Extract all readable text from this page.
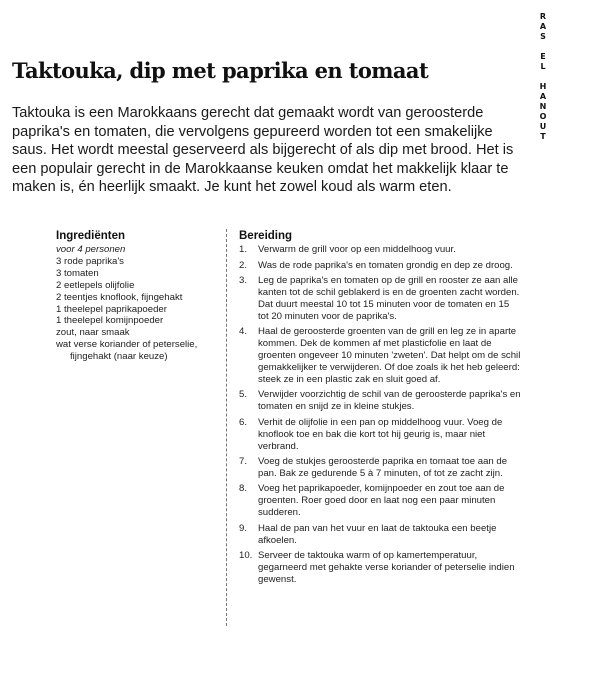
R
A
S
E
L
H
A
N
O
U
T
Taktouka, dip met paprika en tomaat

Taktouka is een Marokkaans gerecht dat gemaakt wordt van geroosterde paprika's en tomaten, die vervolgens gepureerd worden tot een smakelijke saus. Het wordt meestal geserveerd als bijgerecht of als dip met brood. Het is een populair gerecht in de Marokkaanse keuken omdat het makkelijk klaar te maken is, én heerlijk smaakt. Je kunt het zowel koud als warm eten.

Ingrediënten
voor 4 personen
3 rode paprika's
3 tomaten
2 eetlepels olijfolie
2 teentjes knoflook, fijngehakt
1 theelepel paprikapoeder
1 theelepel komijnpoeder
zout, naar smaak
wat verse koriander of peterselie,
fijngehakt (naar keuze)
Bereiding
1.	Verwarm de grill voor op een middelhoog vuur.
2.	Was de rode paprika's en tomaten grondig en dep ze droog.
3.	Leg de paprika's en tomaten op de grill en rooster ze aan alle kanten tot de schil geblakerd is en de groenten zacht worden. Dat duurt meestal 10 tot 15 minuten voor de tomaten en 15 tot 20 minuten voor de paprika's.
4.	Haal de geroosterde groenten van de grill en leg ze in aparte kommen. Dek de kommen af met plasticfolie en laat de groenten ongeveer 10 minuten 'zweten'. Dat helpt om de schil gemakkelijker te verwijderen. Of doe zoals ik het heb geleerd: steek ze in een plastic zak en sluit goed af.
5.	Verwijder voorzichtig de schil van de geroosterde paprika's en tomaten en snijd ze in kleine stukjes.
6.	Verhit de olijfolie in een pan op middelhoog vuur. Voeg de knoflook toe en bak die kort tot hij geurig is, maar niet verbrand.
7.	Voeg de stukjes geroosterde paprika en tomaat toe aan de pan. Bak ze gedurende 5 à 7 minuten, of tot ze zacht zijn.
8.	Voeg het paprikapoeder, komijnpoeder en zout toe aan de groenten. Roer goed door en laat nog een paar minuten sudderen.
9.	Haal de pan van het vuur en laat de taktouka een beetje afkoelen.
10. Serveer de taktouka warm of op kamertemperatuur, gegarneerd met gehakte verse koriander of peterselie indien gewenst.
